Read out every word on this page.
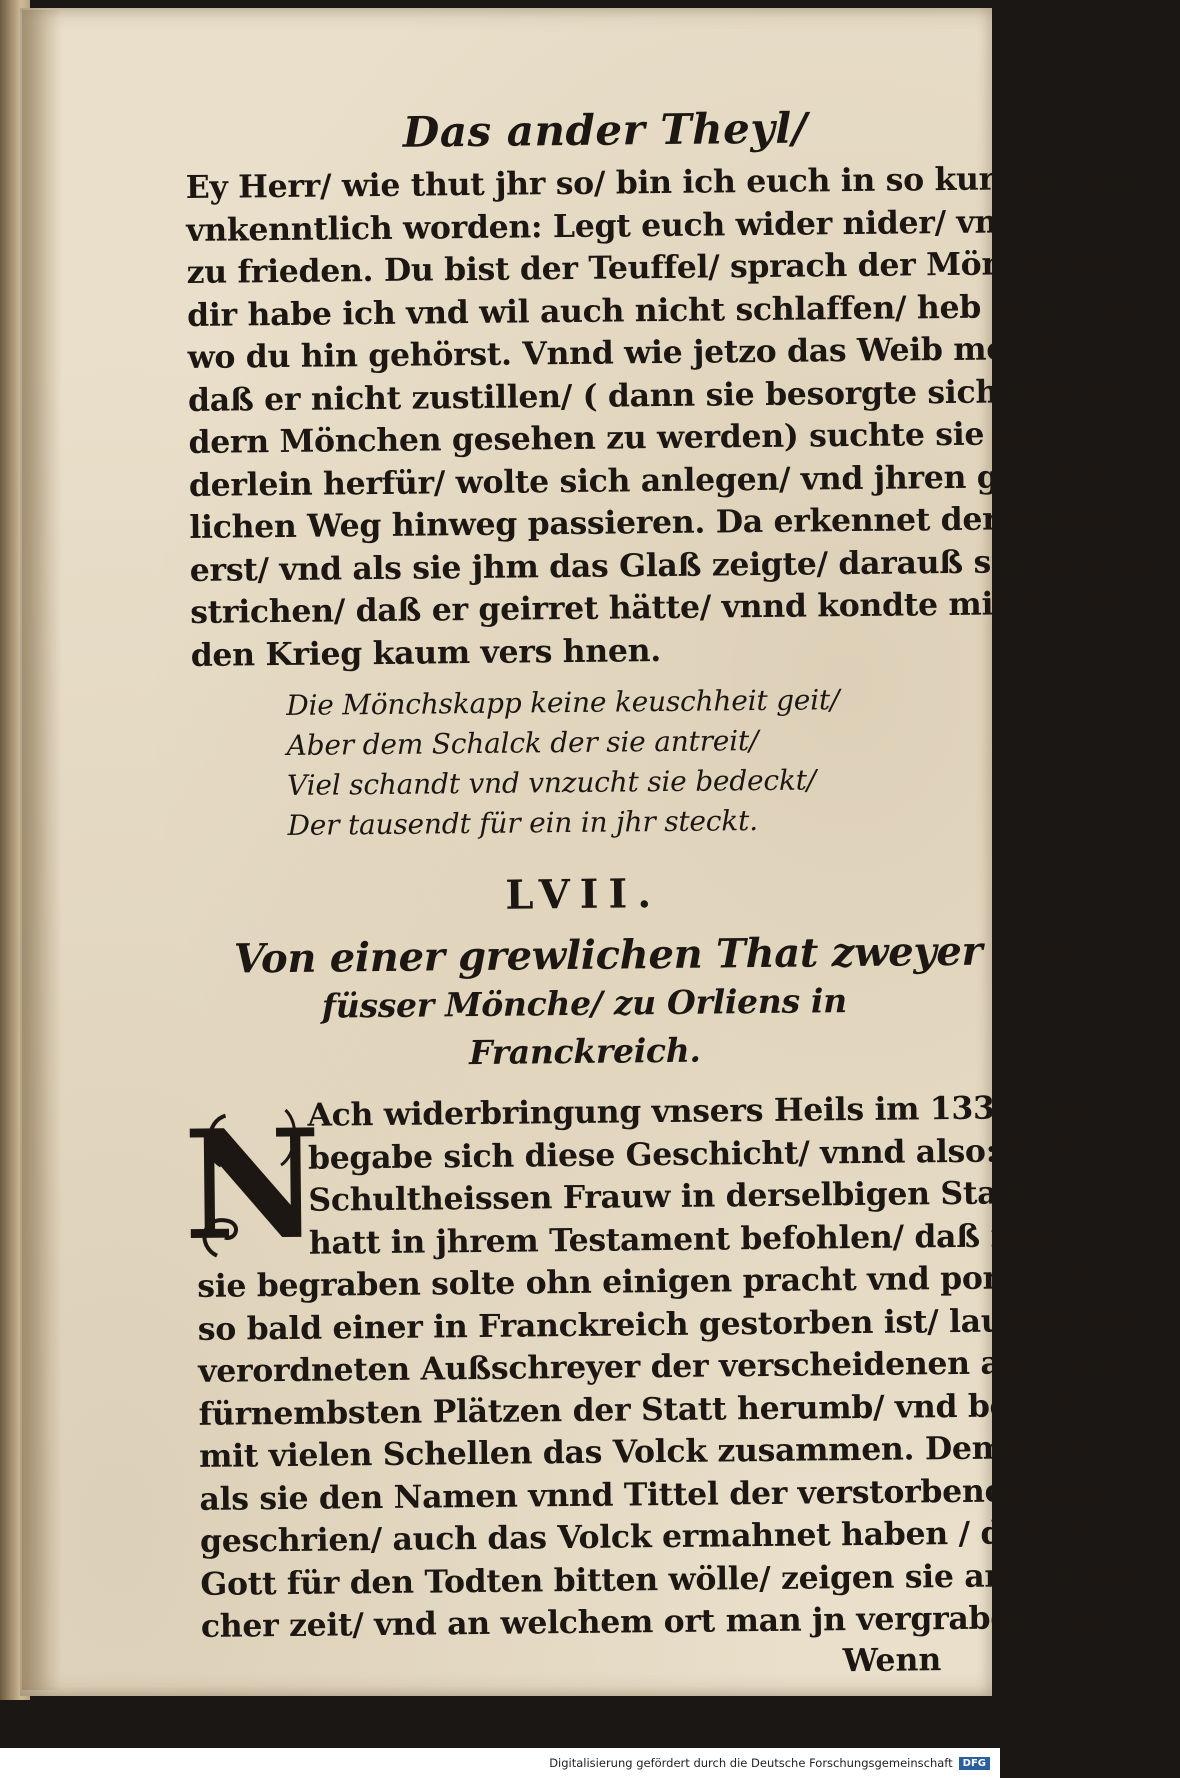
Das ander Theyl/
Ey Herr/ wie thut jhr so/ bin ich euch in so kurtzer zeit
vnkenntlich worden: Legt euch wider nider/ vnnd seid
zu frieden. Du bist der Teuffel/ sprach der Mönch/ bey
dir habe ich vnd wil auch nicht schlaffen/ heb dich nur/
wo du hin gehörst. Vnnd wie jetzo das Weib mercket/
daß er nicht zustillen/ ( dann sie besorgte sich von an-
dern Mönchen gesehen zu werden) suchte sie jhre Klei-
derlein herfür/ wolte sich anlegen/ vnd jhren gewöhn-
lichen Weg hinweg passieren. Da erkennet der Mönch
erst/ vnd als sie jhm das Glaß zeigte/ darauß sie sich be-
strichen/ daß er geirret hätte/ vnnd kondte mit flehen
den Krieg kaum vers hnen.
Die Mönchskapp keine keuschheit geit/
Aber dem Schalck der sie antreit/
Viel schandt vnd vnzucht sie bedeckt/
Der tausendt für ein in jhr steckt.
LVII.
Von einer grewlichen That zweyer Bar-
füsser Mönche/ zu Orliens in
Franckreich.
N
Ach widerbringung vnsers Heils im 1334. Jar
begabe sich diese Geschicht/ vnnd also: Deß
Schultheissen Frauw in derselbigen Statt
hatt in jhrem Testament befohlen/ daß man
sie begraben solte ohn einigen pracht vnd pomp. Denn
so bald einer in Franckreich gestorben ist/ lauffen die
verordneten Außschreyer der verscheidenen auff den
fürnembsten Plätzen der Statt herumb/ vnd beruffen
mit vielen Schellen das Volck zusammen. Demnach
als sie den Namen vnnd Tittel der verstorbenen auß-
geschrien/ auch das Volck ermahnet haben / daß sie
Gott für den Todten bitten wölle/ zeigen sie an/ zu wel-
cher zeit/ vnd an welchem ort man jn vergraben werd.
Wenn
Digitalisierung gefördert durch die Deutsche Forschungsgemeinschaft	DFG
